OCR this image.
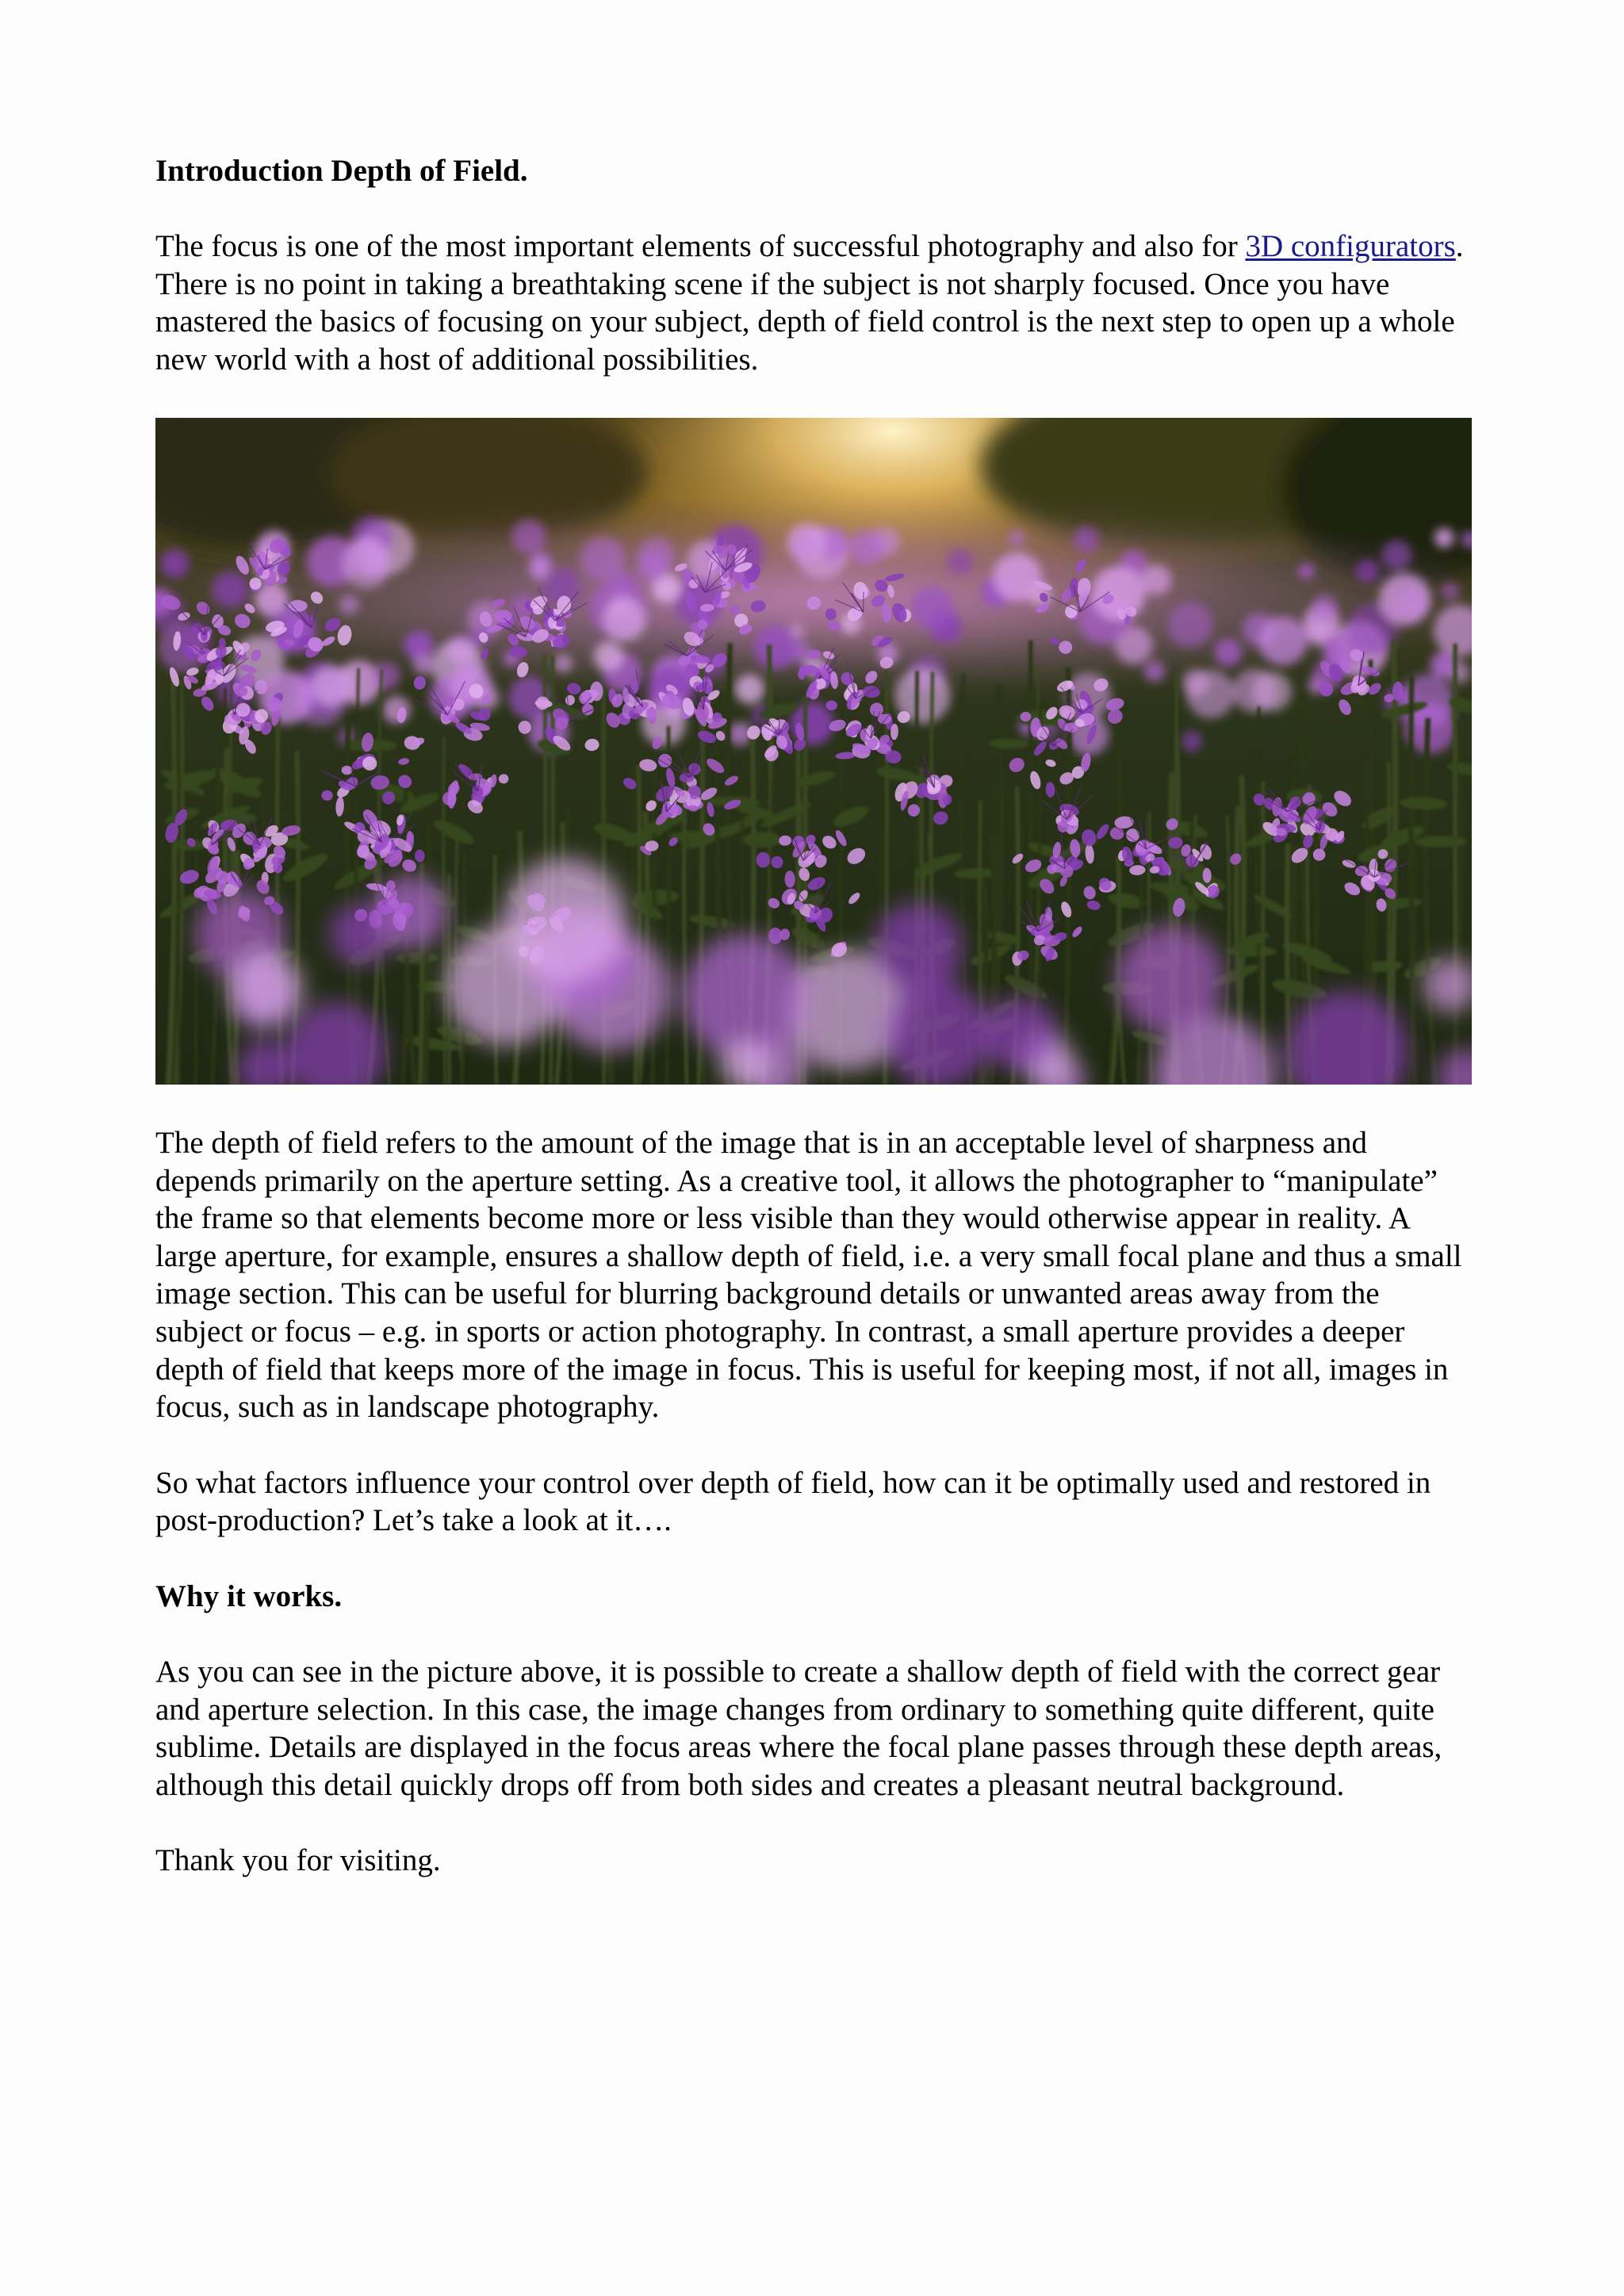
Introduction Depth of Field.

The focus is one of the most important elements of successful photography and also for 3D configurators. There is no point in taking a breathtaking scene if the subject is not sharply focused. Once you have mastered the basics of focusing on your subject, depth of field control is the next step to open up a whole new world with a host of additional possibilities.

The depth of field refers to the amount of the image that is in an acceptable level of sharpness and depends primarily on the aperture setting. As a creative tool, it allows the photographer to “manipulate” the frame so that elements become more or less visible than they would otherwise appear in reality. A large aperture, for example, ensures a shallow depth of field, i.e. a very small focal plane and thus a small image section. This can be useful for blurring background details or unwanted areas away from the subject or focus – e.g. in sports or action photography. In contrast, a small aperture provides a deeper depth of field that keeps more of the image in focus. This is useful for keeping most, if not all, images in focus, such as in landscape photography.

So what factors influence your control over depth of field, how can it be optimally used and restored in post-production? Let’s take a look at it….

Why it works.

As you can see in the picture above, it is possible to create a shallow depth of field with the correct gear and aperture selection. In this case, the image changes from ordinary to something quite different, quite sublime. Details are displayed in the focus areas where the focal plane passes through these depth areas, although this detail quickly drops off from both sides and creates a pleasant neutral background.

Thank you for visiting.
